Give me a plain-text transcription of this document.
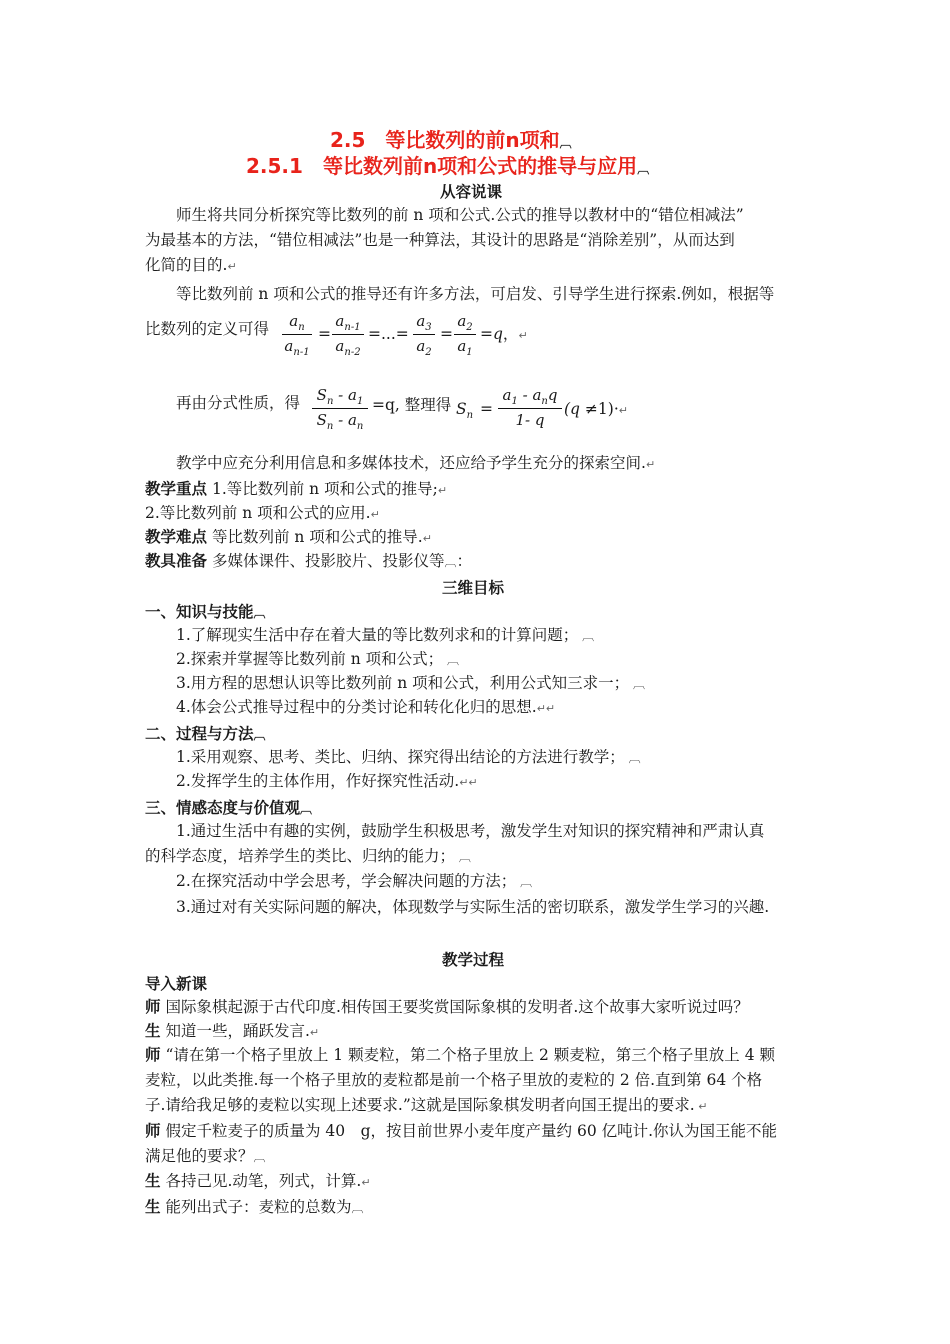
2.5　等比数列的前n项和︹
2.5.1　等比数列前n项和公式的推导与应用︹
从容说课
师生将共同分析探究等比数列的前 n 项和公式.公式的推导以教材中的“错位相减法”
为最基本的方法，“错位相减法”也是一种算法，其设计的思路是“消除差别”，从而达到
化简的目的.↵
等比数列前 n 项和公式的推导还有许多方法，可启发、引导学生进行探索.例如，根据等
比数列的定义可得	$a_n$
$a_{n-1}$
=
$a_{n-1}$
$a_{n-2}$
=...=
$a_3$
$a_2$
=
$a_2$
$a_1$
=q，↵
再由分式性质，得	$S_n - a_1$
$S_n - a_n$
=q, 整理得 $S_n$ =
$a_1 - a_nq$
1- q
(q ≠1)·↵
教学中应充分利用信息和多媒体技术，还应给予学生充分的探索空间.↵
教学重点 1.等比数列前 n 项和公式的推导;↵
2.等比数列前 n 项和公式的应用.↵
教学难点 等比数列前 n 项和公式的推导.↵
教具准备 多媒体课件、投影胶片、投影仪等︹：
三维目标
一、知识与技能︹
1.了解现实生活中存在着大量的等比数列求和的计算问题； ︹
2.探索并掌握等比数列前 n 项和公式； ︹
3.用方程的思想认识等比数列前 n 项和公式，利用公式知三求一； ︹
4.体会公式推导过程中的分类讨论和转化化归的思想.↵↵
二、过程与方法︹
1.采用观察、思考、类比、归纳、探究得出结论的方法进行教学； ︹
2.发挥学生的主体作用，作好探究性活动.↵↵
三、情感态度与价值观︹
1.通过生活中有趣的实例，鼓励学生积极思考，激发学生对知识的探究精神和严肃认真
的科学态度，培养学生的类比、归纳的能力； ︹
2.在探究活动中学会思考，学会解决问题的方法； ︹
3.通过对有关实际问题的解决，体现数学与实际生活的密切联系，激发学生学习的兴趣.
教学过程
导入新课
师 国际象棋起源于古代印度.相传国王要奖赏国际象棋的发明者.这个故事大家听说过吗？
生 知道一些，踊跃发言.↵
师 “请在第一个格子里放上 1 颗麦粒，第二个格子里放上 2 颗麦粒，第三个格子里放上 4 颗
麦粒，以此类推.每一个格子里放的麦粒都是前一个格子里放的麦粒的 2 倍.直到第 64 个格
子.请给我足够的麦粒以实现上述要求.”这就是国际象棋发明者向国王提出的要求. ↵
师 假定千粒麦子的质量为 40　g，按目前世界小麦年度产量约 60 亿吨计.你认为国王能不能
满足他的要求？︹
生 各持己见.动笔，列式，计算.↵
生 能列出式子：麦粒的总数为︹
